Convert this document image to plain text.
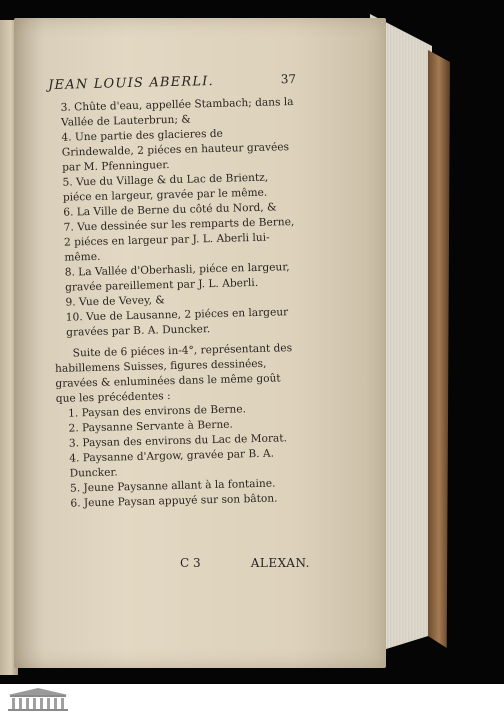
JEAN LOUIS ABERLI.	37
3. Chûte d'eau, appellée Stambach; dans la Vallée de Lauterbrun; &
4. Une partie des glacieres de Grindewalde, 2 piéces en hauteur gravées par M. Pfenninguer.
5. Vue du Village & du Lac de Brientz, piéce en largeur, gravée par le même.
6. La Ville de Berne du côté du Nord, &
7. Vue dessinée sur les remparts de Berne, 2 piéces en largeur par J. L. Aberli lui-même.
8. La Vallée d'Oberhasli, piéce en largeur, gravée pareillement par J. L. Aberli.
9. Vue de Vevey, &
10. Vue de Lausanne, 2 piéces en largeur gravées par B. A. Duncker.
Suite de 6 piéces in-4°, représentant des habillemens Suisses, figures dessinées, gravées & enluminées dans le même goût que les précédentes :
1. Paysan des environs de Berne.
2. Paysanne Servante à Berne.
3. Paysan des environs du Lac de Morat.
4. Paysanne d'Argow, gravée par B. A. Duncker.
5. Jeune Paysanne allant à la fontaine.
6. Jeune Paysan appuyé sur son bâton.
C 3	ALEXAN.
